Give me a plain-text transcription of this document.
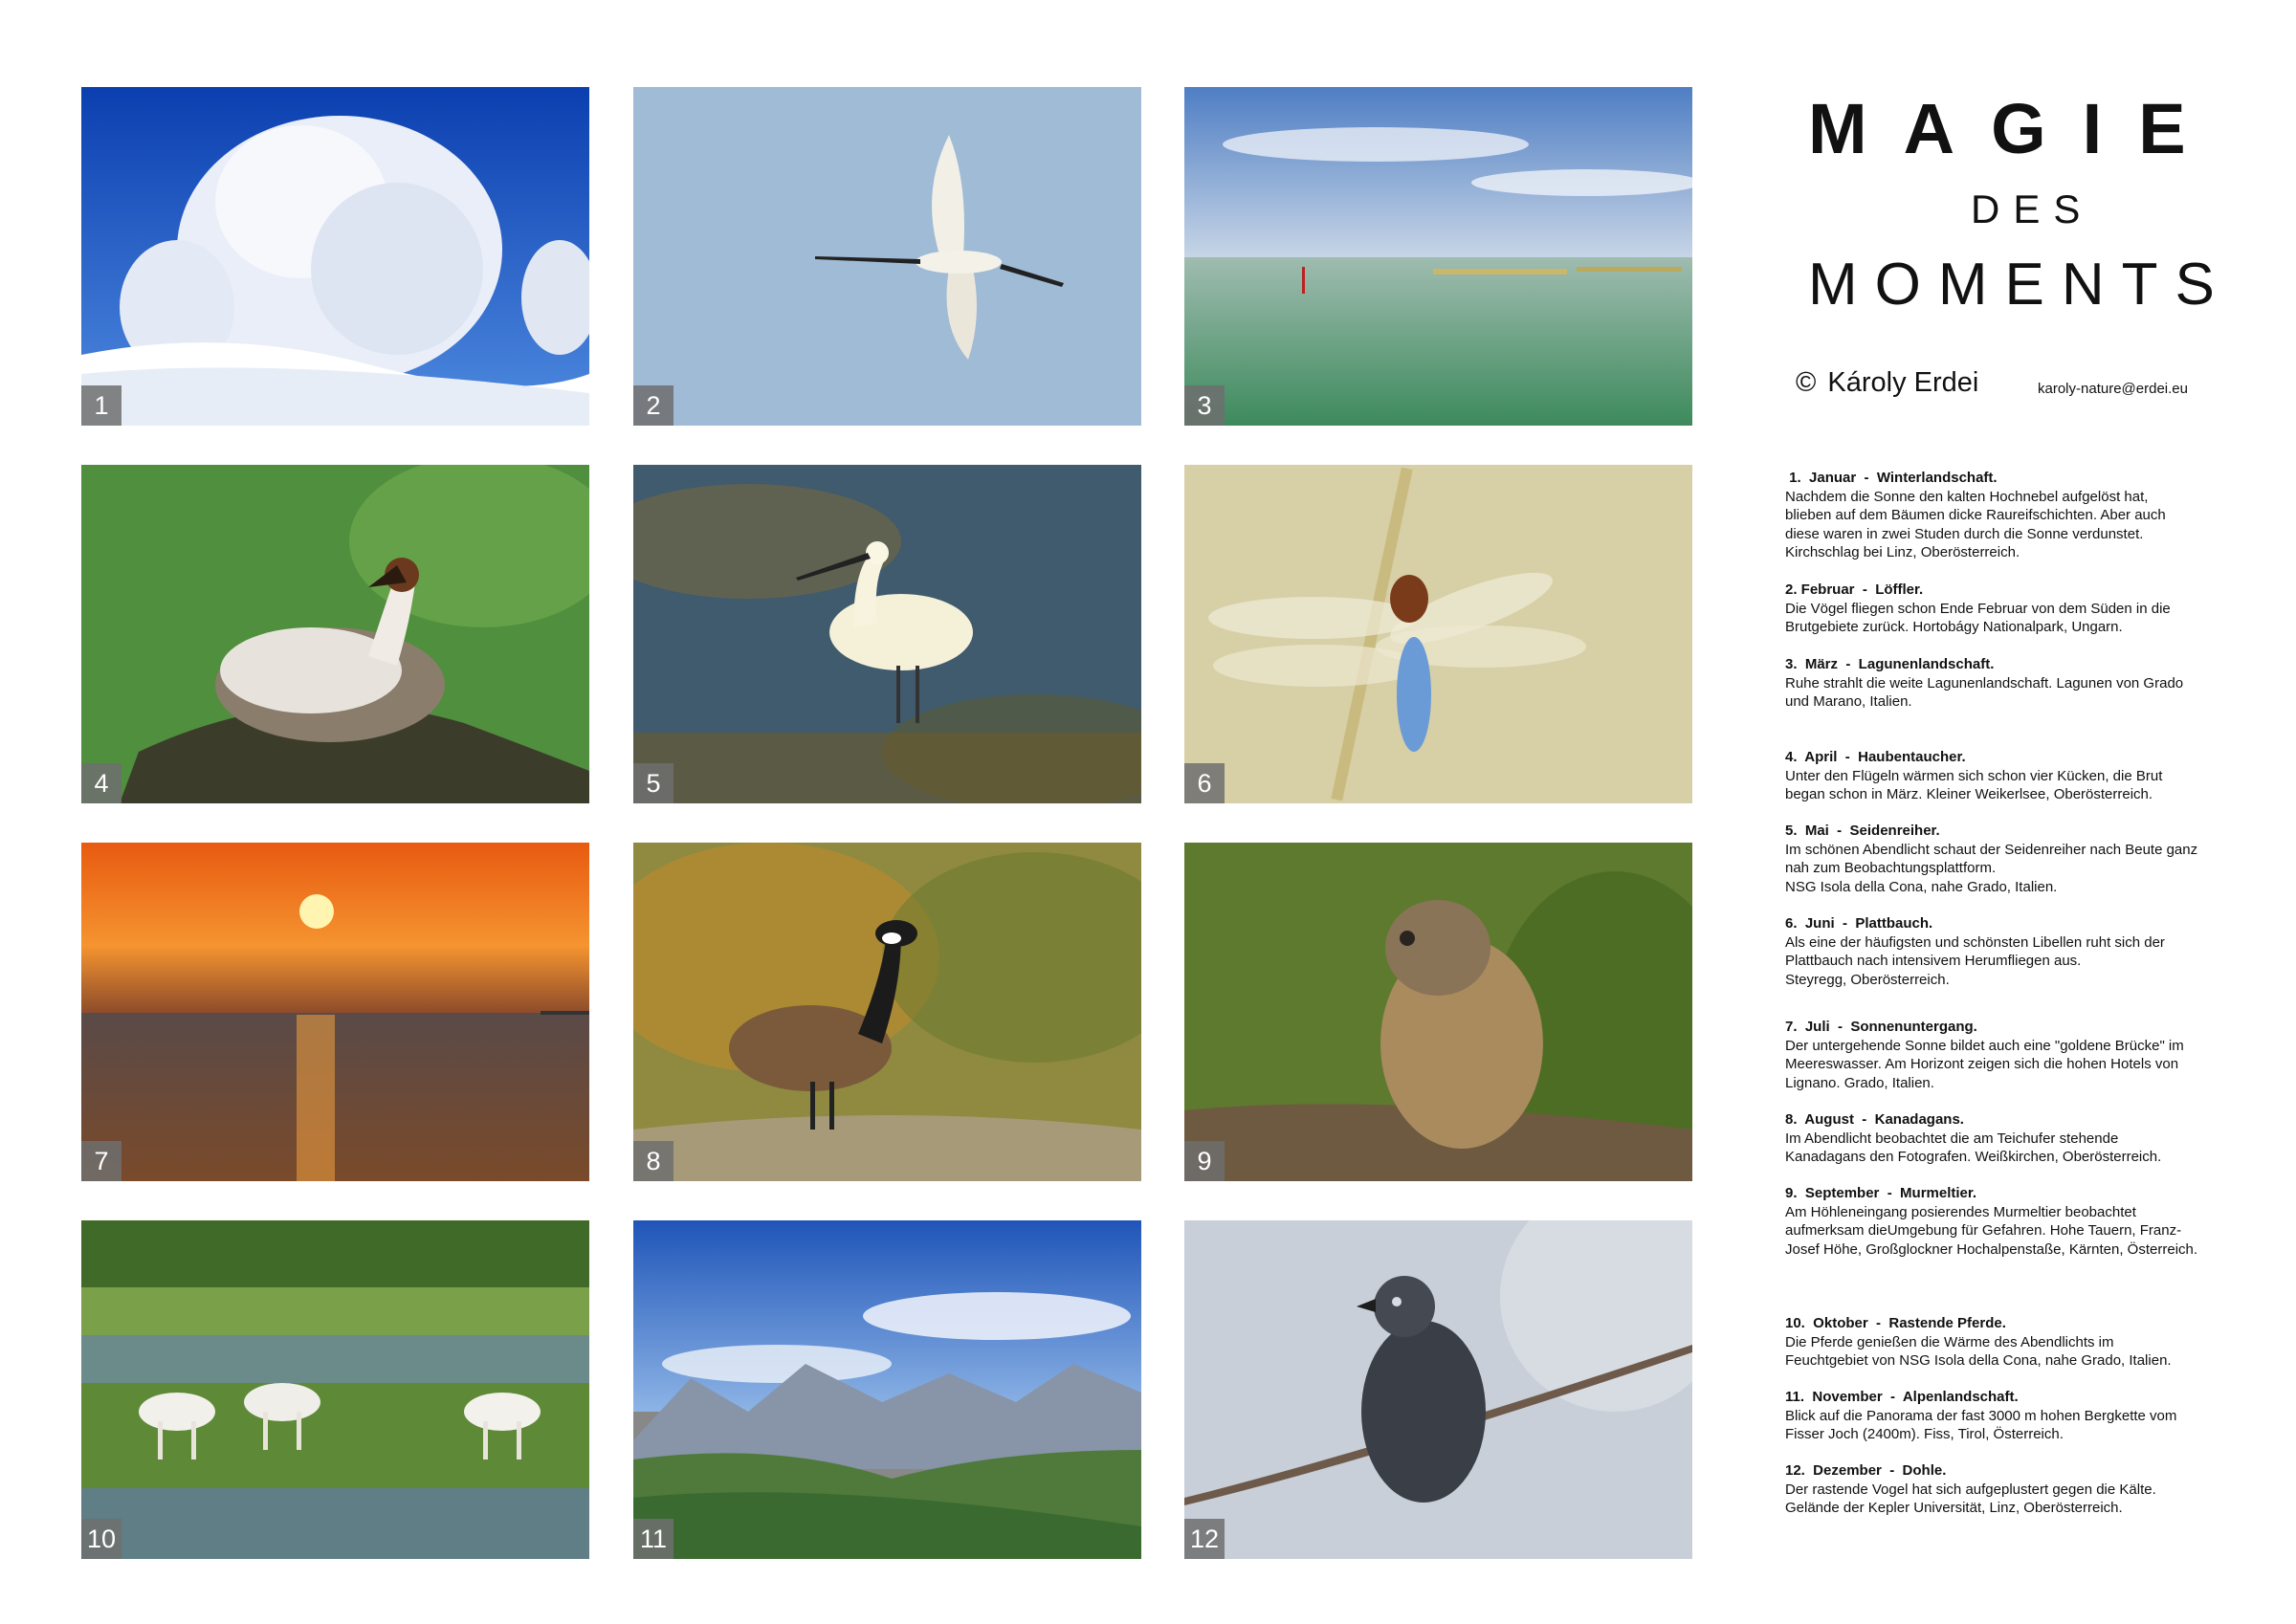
1	2	3
4	5	6
7	8	9
10	11	12
MAGIE
DES
MOMENTS
© Károly Erdei	karoly-nature@erdei.eu
1.  Januar  -  Winterlandschaft.
Nachdem die Sonne den kalten Hochnebel aufgelöst hat,
blieben auf dem Bäumen dicke Raureifschichten. Aber auch
diese waren in zwei Studen durch die Sonne verdunstet.
Kirchschlag bei Linz, Oberösterreich.
2. Februar  -  Löffler.
Die Vögel fliegen schon Ende Februar von dem Süden in die
Brutgebiete zurück. Hortobágy Nationalpark, Ungarn.
3.  März  -  Lagunenlandschaft.
Ruhe strahlt die weite Lagunenlandschaft. Lagunen von Grado
und Marano, Italien.
4.  April  -  Haubentaucher.
Unter den Flügeln wärmen sich schon vier Kücken, die Brut
began schon in März. Kleiner Weikerlsee, Oberösterreich.
5.  Mai  -  Seidenreiher.
Im schönen Abendlicht schaut der Seidenreiher nach Beute ganz
nah zum Beobachtungsplattform.
NSG Isola della Cona, nahe Grado, Italien.
6.  Juni  -  Plattbauch.
Als eine der häufigsten und schönsten Libellen ruht sich der
Plattbauch nach intensivem Herumfliegen aus.
Steyregg, Oberösterreich.
7.  Juli  -  Sonnenuntergang.
Der untergehende Sonne bildet auch eine "goldene Brücke" im
Meereswasser. Am Horizont zeigen sich die hohen Hotels von
Lignano. Grado, Italien.
8.  August  -  Kanadagans.
Im Abendlicht beobachtet die am Teichufer stehende
Kanadagans den Fotografen. Weißkirchen, Oberösterreich.
9.  September  -  Murmeltier.
Am Höhleneingang posierendes Murmeltier beobachtet
aufmerksam dieUmgebung für Gefahren. Hohe Tauern, Franz-
Josef Höhe, Großglockner Hochalpenstaße, Kärnten, Österreich.
10.  Oktober  -  Rastende Pferde.
Die Pferde genießen die Wärme des Abendlichts im
Feuchtgebiet von NSG Isola della Cona, nahe Grado, Italien.
11.  November  -  Alpenlandschaft.
Blick auf die Panorama der fast 3000 m hohen Bergkette vom
Fisser Joch (2400m). Fiss, Tirol, Österreich.
12.  Dezember  -  Dohle.
Der rastende Vogel hat sich aufgeplustert gegen die Kälte.
Gelände der Kepler Universität, Linz, Oberösterreich.
